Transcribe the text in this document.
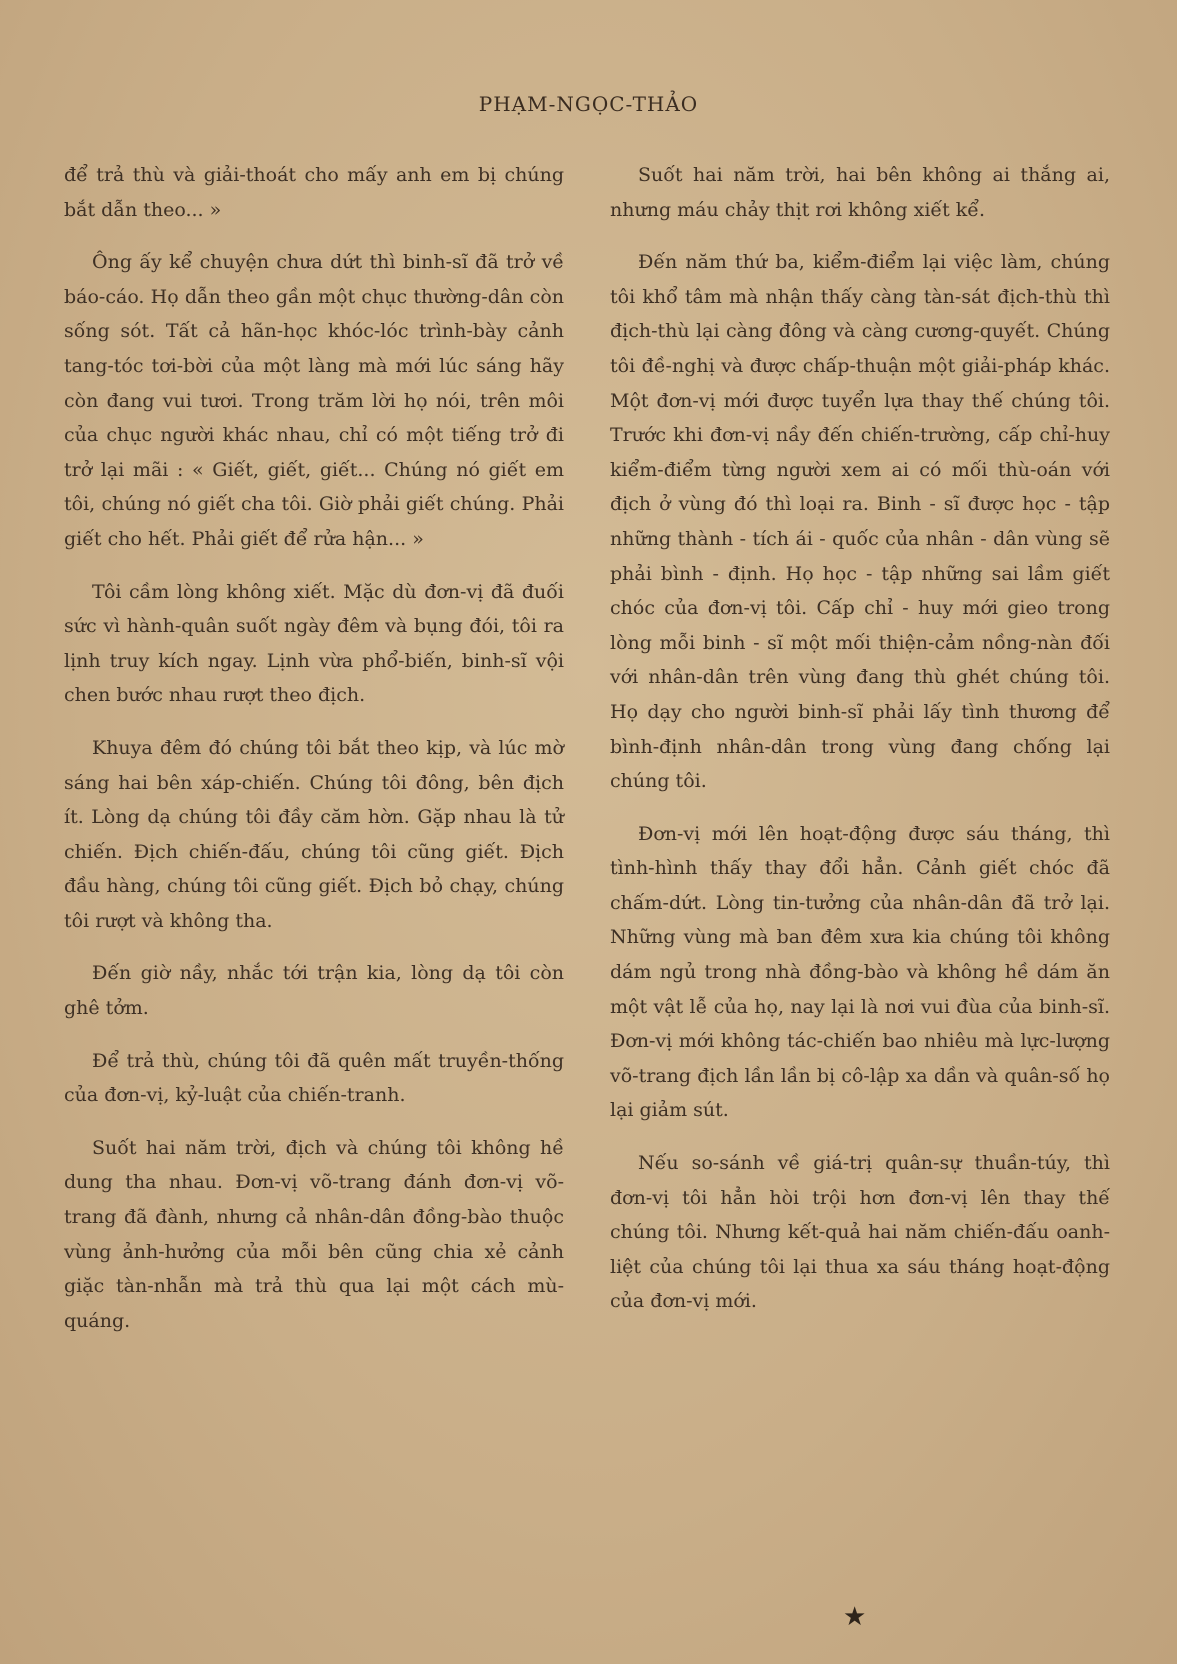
PHẠM-NGỌC-THẢO

để trả thù và giải-thoát cho mấy anh em bị chúng bắt dẫn theo... »

Ông ấy kể chuyện chưa dứt thì binh-sĩ đã trở về báo-cáo. Họ dẫn theo gần một chục thường-dân còn sống sót. Tất cả hãn-học khóc-lóc trình-bày cảnh tang-tóc tơi-bời của một làng mà mới lúc sáng hãy còn đang vui tươi. Trong trăm lời họ nói, trên môi của chục người khác nhau, chỉ có một tiếng trở đi trở lại mãi : « Giết, giết, giết... Chúng nó giết em tôi, chúng nó giết cha tôi. Giờ phải giết chúng. Phải giết cho hết. Phải giết để rửa hận... »

Tôi cầm lòng không xiết. Mặc dù đơn-vị đã đuối sức vì hành-quân suốt ngày đêm và bụng đói, tôi ra lịnh truy kích ngay. Lịnh vừa phổ-biến, binh-sĩ vội chen bước nhau rượt theo địch.

Khuya đêm đó chúng tôi bắt theo kịp, và lúc mờ sáng hai bên xáp-chiến. Chúng tôi đông, bên địch ít. Lòng dạ chúng tôi đầy căm hờn. Gặp nhau là tử chiến. Địch chiến-đấu, chúng tôi cũng giết. Địch đầu hàng, chúng tôi cũng giết. Địch bỏ chạy, chúng tôi rượt và không tha.

Đến giờ nầy, nhắc tới trận kia, lòng dạ tôi còn ghê tởm.

Để trả thù, chúng tôi đã quên mất truyền-thống của đơn-vị, kỷ-luật của chiến-tranh.

Suốt hai năm trời, địch và chúng tôi không hề dung tha nhau. Đơn-vị võ-trang đánh đơn-vị võ-trang đã đành, nhưng cả nhân-dân đồng-bào thuộc vùng ảnh-hưởng của mỗi bên cũng chia xẻ cảnh giặc tàn-nhẫn mà trả thù qua lại một cách mù-quáng.

Suốt hai năm trời, hai bên không ai thắng ai, nhưng máu chảy thịt rơi không xiết kể.

Đến năm thứ ba, kiểm-điểm lại việc làm, chúng tôi khổ tâm mà nhận thấy càng tàn-sát địch-thù thì địch-thù lại càng đông và càng cương-quyết. Chúng tôi đề-nghị và được chấp-thuận một giải-pháp khác. Một đơn-vị mới được tuyển lựa thay thế chúng tôi. Trước khi đơn-vị nầy đến chiến-trường, cấp chỉ-huy kiểm-điểm từng người xem ai có mối thù-oán với địch ở vùng đó thì loại ra. Binh - sĩ được học - tập những thành - tích ái - quốc của nhân - dân vùng sẽ phải bình - định. Họ học - tập những sai lầm giết chóc của đơn-vị tôi. Cấp chỉ - huy mới gieo trong lòng mỗi binh - sĩ một mối thiện-cảm nồng-nàn đối với nhân-dân trên vùng đang thù ghét chúng tôi. Họ dạy cho người binh-sĩ phải lấy tình thương để bình-định nhân-dân trong vùng đang chống lại chúng tôi.

Đơn-vị mới lên hoạt-động được sáu tháng, thì tình-hình thấy thay đổi hẳn. Cảnh giết chóc đã chấm-dứt. Lòng tin-tưởng của nhân-dân đã trở lại. Những vùng mà ban đêm xưa kia chúng tôi không dám ngủ trong nhà đồng-bào và không hề dám ăn một vật lễ của họ, nay lại là nơi vui đùa của binh-sĩ. Đơn-vị mới không tác-chiến bao nhiêu mà lực-lượng võ-trang địch lần lần bị cô-lập xa dần và quân-số họ lại giảm sút.

Nếu so-sánh về giá-trị quân-sự thuần-túy, thì đơn-vị tôi hẳn hòi trội hơn đơn-vị lên thay thế chúng tôi. Nhưng kết-quả hai năm chiến-đấu oanh-liệt của chúng tôi lại thua xa sáu tháng hoạt-động của đơn-vị mới.

★
